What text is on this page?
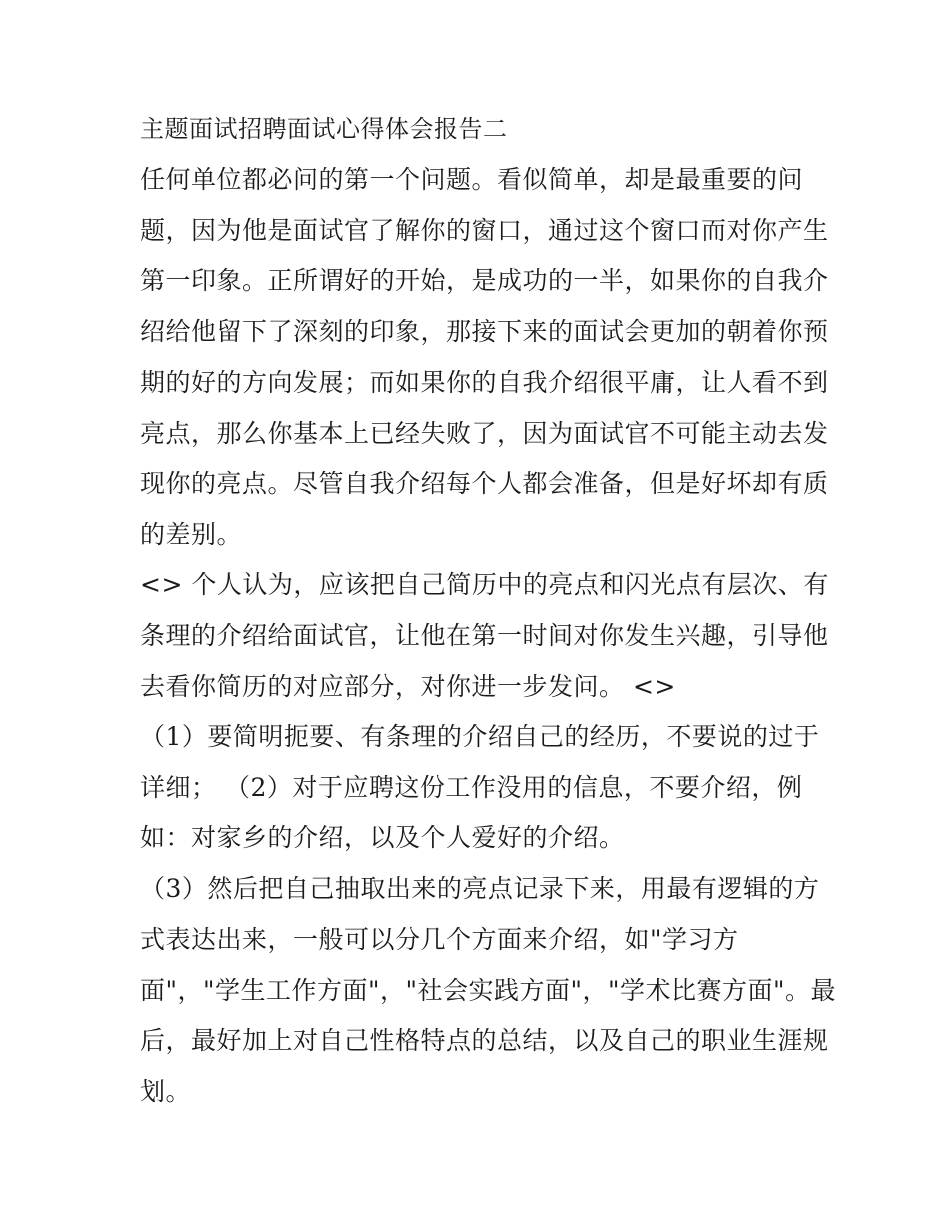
主题面试招聘面试心得体会报告二
任何单位都必问的第一个问题。看似简单，却是最重要的问
题，因为他是面试官了解你的窗口，通过这个窗口而对你产生
第一印象。正所谓好的开始，是成功的一半，如果你的自我介
绍给他留下了深刻的印象，那接下来的面试会更加的朝着你预
期的好的方向发展；而如果你的自我介绍很平庸，让人看不到
亮点，那么你基本上已经失败了，因为面试官不可能主动去发
现你的亮点。尽管自我介绍每个人都会准备，但是好坏却有质
的差别。
<> 个人认为，应该把自己简历中的亮点和闪光点有层次、有
条理的介绍给面试官，让他在第一时间对你发生兴趣，引导他
去看你简历的对应部分，对你进一步发问。 <>
（1）要简明扼要、有条理的介绍自己的经历，不要说的过于
详细； （2）对于应聘这份工作没用的信息，不要介绍，例
如：对家乡的介绍，以及个人爱好的介绍。
（3）然后把自己抽取出来的亮点记录下来，用最有逻辑的方
式表达出来，一般可以分几个方面来介绍，如"学习方
面"，"学生工作方面"，"社会实践方面"，"学术比赛方面"。最
后，最好加上对自己性格特点的总结，以及自己的职业生涯规
划。
